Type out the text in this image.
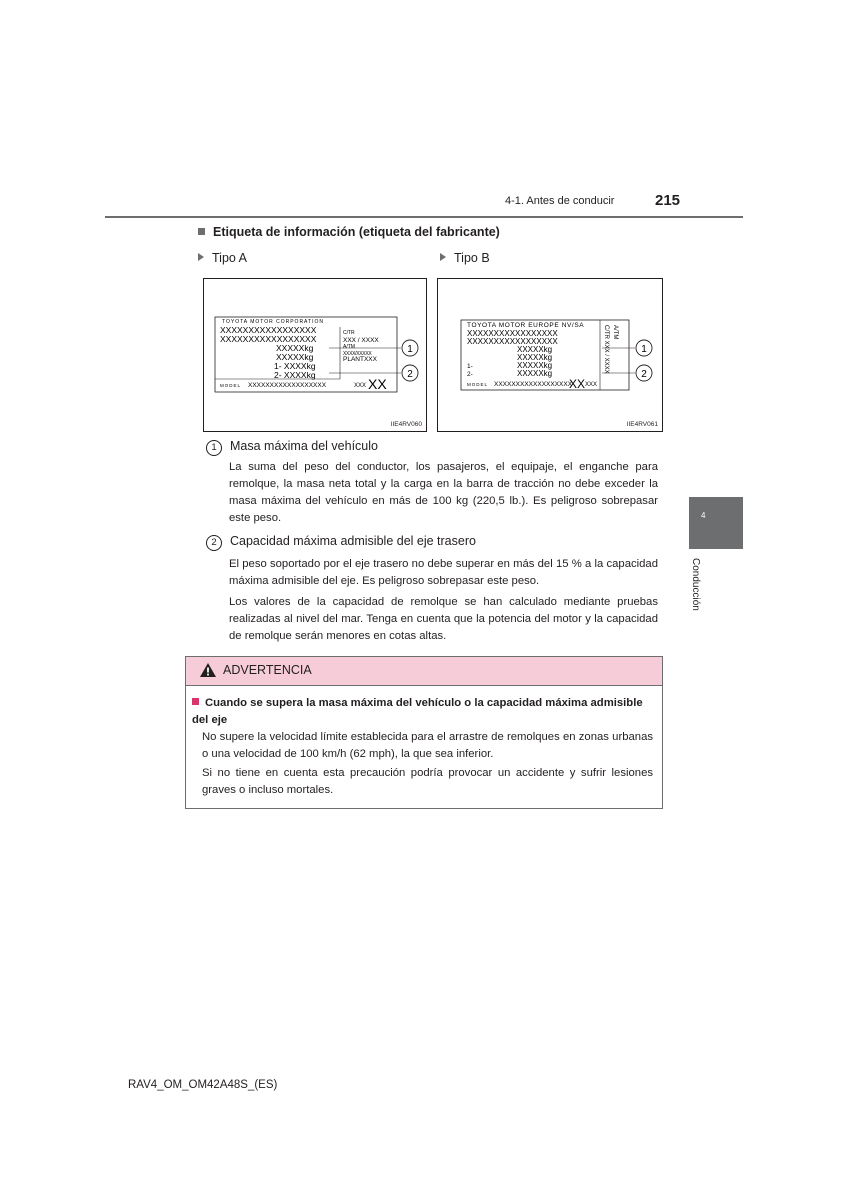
4-1. Antes de conducir	215
4
Conducción
Etiqueta de información (etiqueta del fabricante)
Tipo A	Tipo B
TOYOTA MOTOR CORPORATION
XXXXXXXXXXXXXXXXX
XXXXXXXXXXXXXXXXX
C/TR
XXX / XXXX
A/TM
XXXX/XXXXX
PLANTXXX
XXXXXkg
XXXXXkg
1- XXXXkg
2- XXXXkg
MODEL XXXXXXXXXXXXXXXXXX	XXX XX
1
2
IIE4RV060
TOYOTA MOTOR EUROPE NV/SA
XXXXXXXXXXXXXXXXX
XXXXXXXXXXXXXXXXX
XXXXXkg
XXXXXkg
1-	XXXXXkg
2-	XXXXXkg
MODEL XXXXXXXXXXXXXXXXXX
XX XXX
C/TR XXX / XXXX A/TM
1
2
IIE4RV061
1 Masa máxima del vehículo
La suma del peso del conductor, los pasajeros, el equipaje, el enganche para remolque, la masa neta total y la carga en la barra de tracción no debe exceder la masa máxima del vehículo en más de 100 kg (220,5 lb.). Es peligroso sobrepasar este peso.
2 Capacidad máxima admisible del eje trasero
El peso soportado por el eje trasero no debe superar en más del 15 % a la capacidad máxima admisible del eje. Es peligroso sobrepasar este peso.
Los valores de la capacidad de remolque se han calculado mediante pruebas realizadas al nivel del mar. Tenga en cuenta que la potencia del motor y la capacidad de remolque serán menores en cotas altas.
ADVERTENCIA
Cuando se supera la masa máxima del vehículo o la capacidad máxima admisible del eje
No supere la velocidad límite establecida para el arrastre de remolques en zonas urbanas o una velocidad de 100 km/h (62 mph), la que sea inferior.
Si no tiene en cuenta esta precaución podría provocar un accidente y sufrir lesiones graves o incluso mortales.
RAV4_OM_OM42A48S_(ES)
